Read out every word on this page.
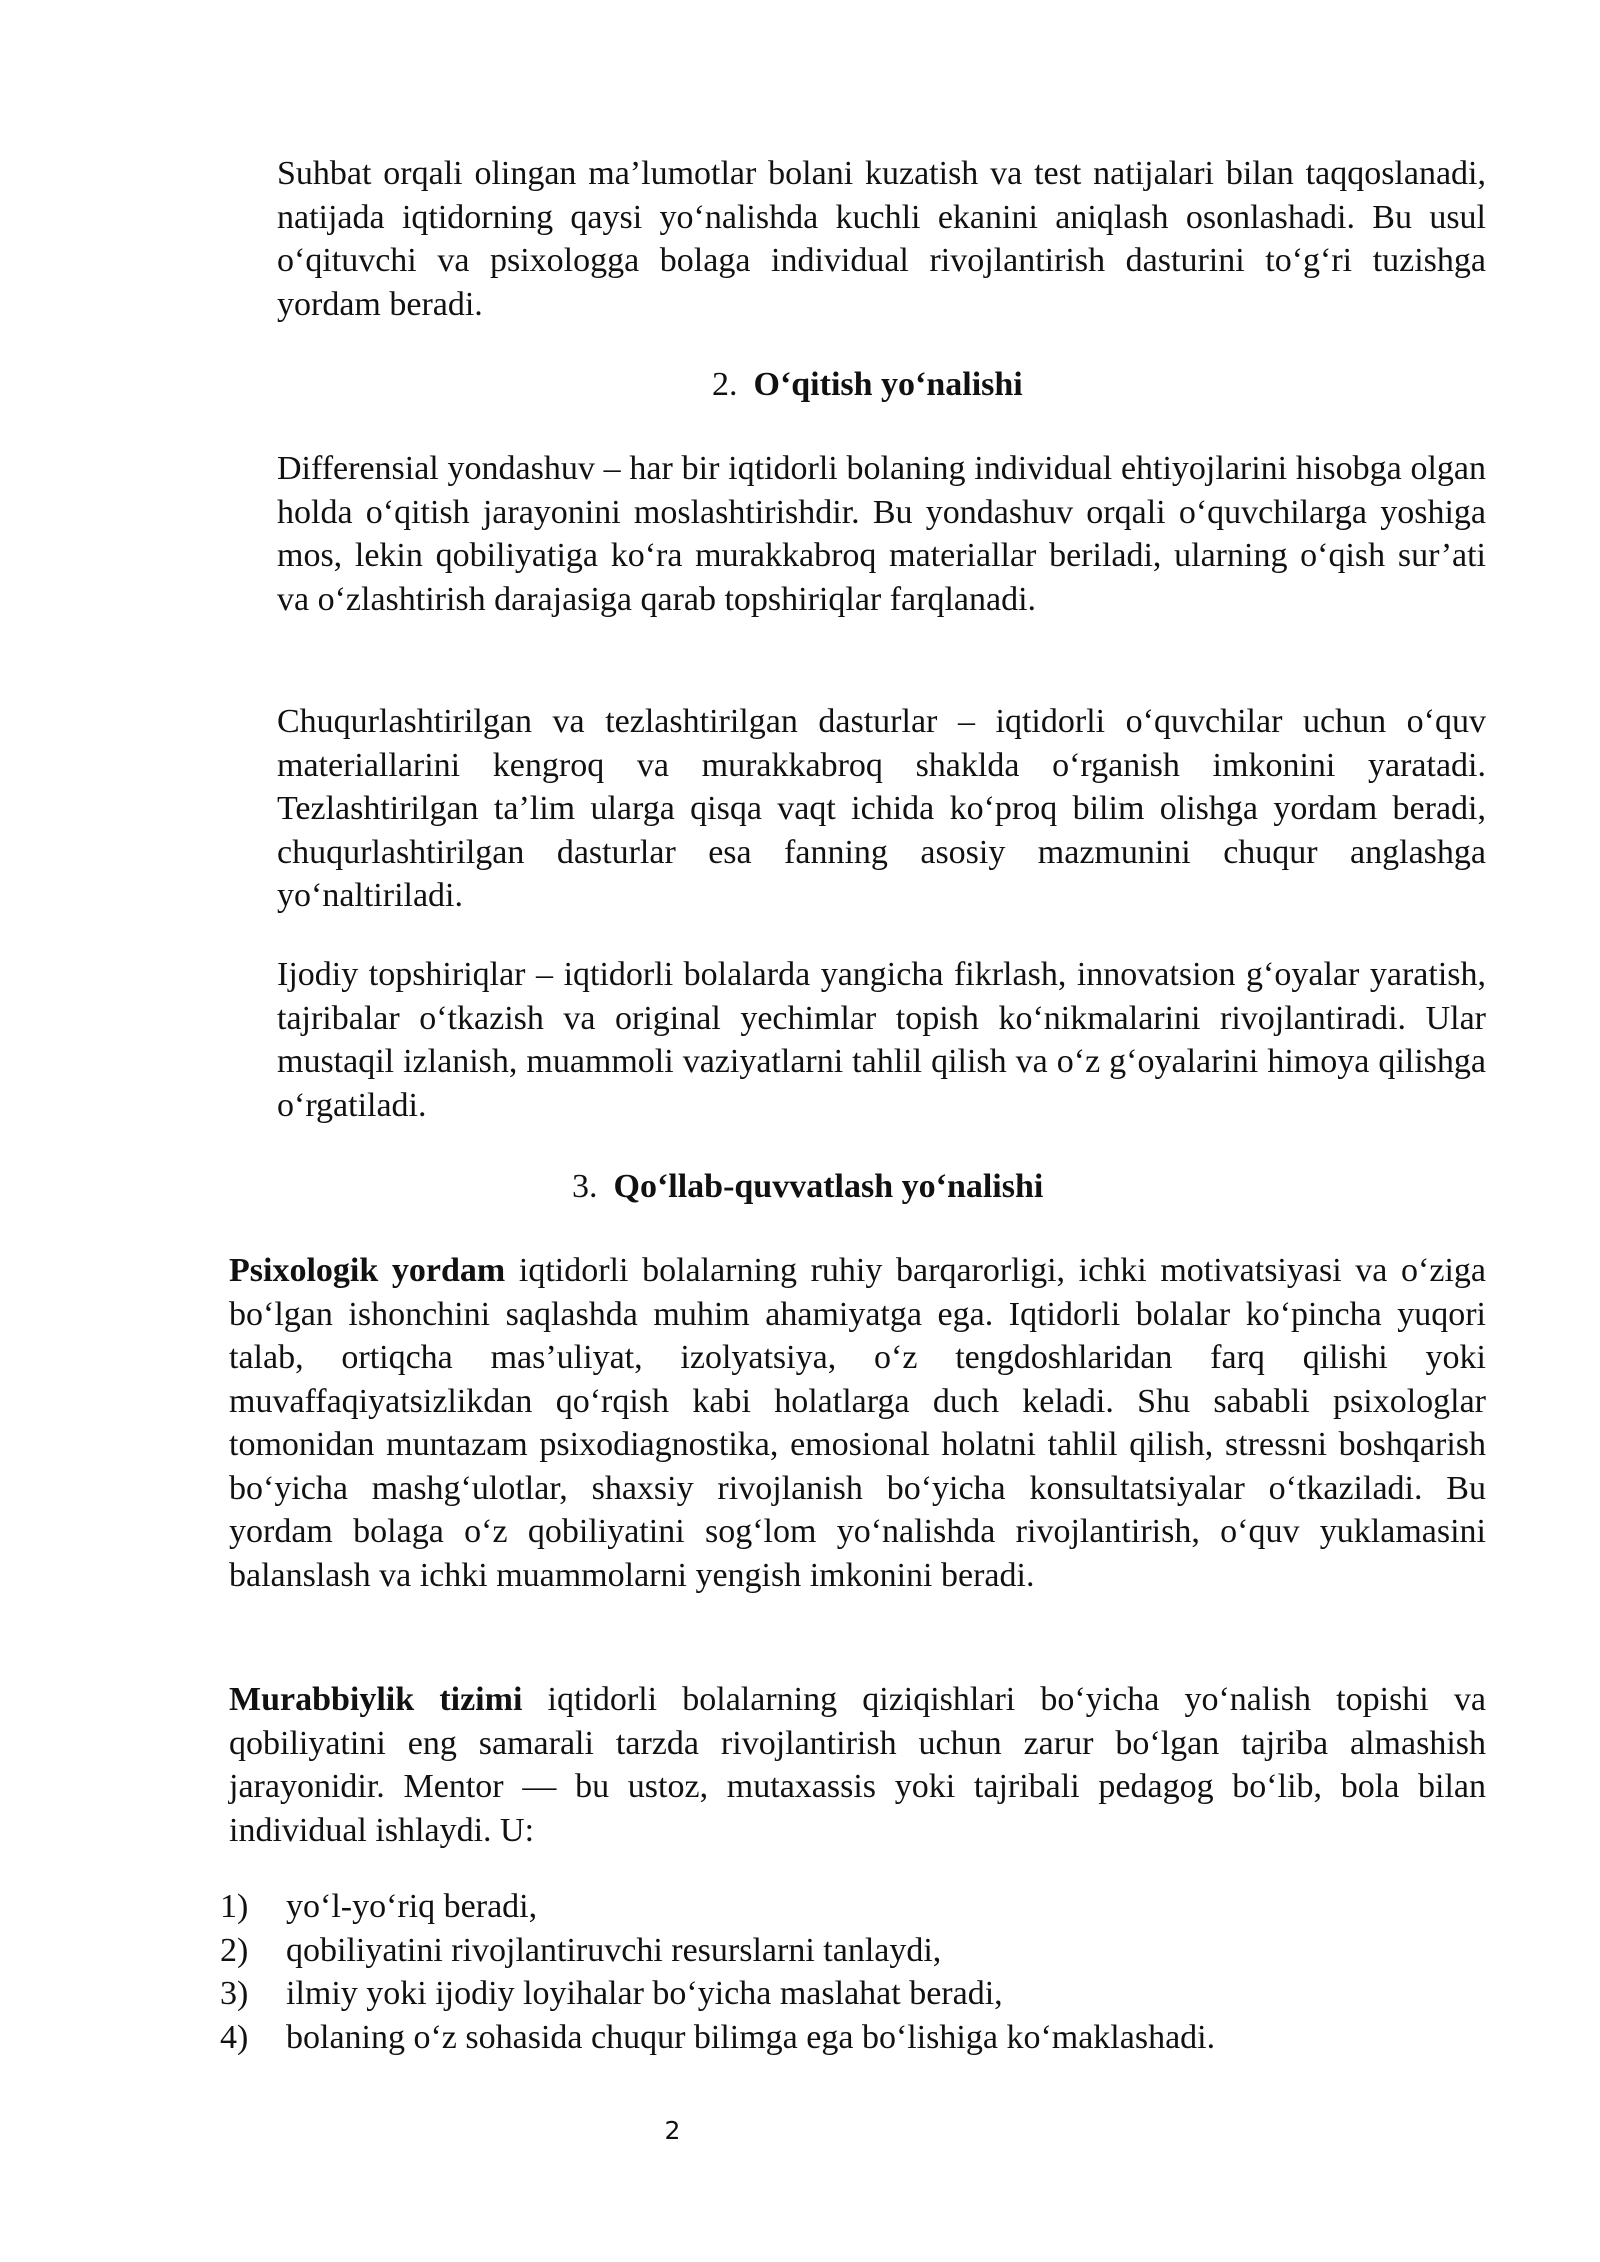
Suhbat orqali olingan ma’lumotlar bolani kuzatish va test natijalari bilan taqqoslanadi, natijada iqtidorning qaysi yo‘nalishda kuchli ekanini aniqlash osonlashadi. Bu usul o‘qituvchi va psixologga bolaga individual rivojlantirish dasturini to‘g‘ri tuzishga yordam beradi.

2. O‘qitish yo‘nalishi

Differensial yondashuv – har bir iqtidorli bolaning individual ehtiyojlarini hisobga olgan holda o‘qitish jarayonini moslashtirishdir. Bu yondashuv orqali o‘quvchilarga yoshiga mos, lekin qobiliyatiga ko‘ra murakkabroq materiallar beriladi, ularning o‘qish sur’ati va o‘zlashtirish darajasiga qarab topshiriqlar farqlanadi.

Chuqurlashtirilgan va tezlashtirilgan dasturlar – iqtidorli o‘quvchilar uchun o‘quv materiallarini kengroq va murakkabroq shaklda o‘rganish imkonini yaratadi. Tezlashtirilgan ta’lim ularga qisqa vaqt ichida ko‘proq bilim olishga yordam beradi, chuqurlashtirilgan dasturlar esa fanning asosiy mazmunini chuqur anglashga yo‘naltiriladi.

Ijodiy topshiriqlar – iqtidorli bolalarda yangicha fikrlash, innovatsion g‘oyalar yaratish, tajribalar o‘tkazish va original yechimlar topish ko‘nikmalarini rivojlantiradi. Ular mustaqil izlanish, muammoli vaziyatlarni tahlil qilish va o‘z g‘oyalarini himoya qilishga o‘rgatiladi.

3. Qo‘llab-quvvatlash yo‘nalishi

Psixologik yordam iqtidorli bolalarning ruhiy barqarorligi, ichki motivatsiyasi va o‘ziga bo‘lgan ishonchini saqlashda muhim ahamiyatga ega. Iqtidorli bolalar ko‘pincha yuqori talab, ortiqcha mas’uliyat, izolyatsiya, o‘z tengdoshlaridan farq qilishi yoki muvaffaqiyatsizlikdan qo‘rqish kabi holatlarga duch keladi. Shu sababli psixologlar tomonidan muntazam psixodiagnostika, emosional holatni tahlil qilish, stressni boshqarish bo‘yicha mashg‘ulotlar, shaxsiy rivojlanish bo‘yicha konsultatsiyalar o‘tkaziladi. Bu yordam bolaga o‘z qobiliyatini sog‘lom yo‘nalishda rivojlantirish, o‘quv yuklamasini balanslash va ichki muammolarni yengish imkonini beradi.

Murabbiylik tizimi iqtidorli bolalarning qiziqishlari bo‘yicha yo‘nalish topishi va qobiliyatini eng samarali tarzda rivojlantirish uchun zarur bo‘lgan tajriba almashish jarayonidir. Mentor — bu ustoz, mutaxassis yoki tajribali pedagog bo‘lib, bola bilan individual ishlaydi. U:

1)	yo‘l-yo‘riq beradi,
2)	qobiliyatini rivojlantiruvchi resurslarni tanlaydi,
3)	ilmiy yoki ijodiy loyihalar bo‘yicha maslahat beradi,
4)	bolaning o‘z sohasida chuqur bilimga ega bo‘lishiga ko‘maklashadi.
2
